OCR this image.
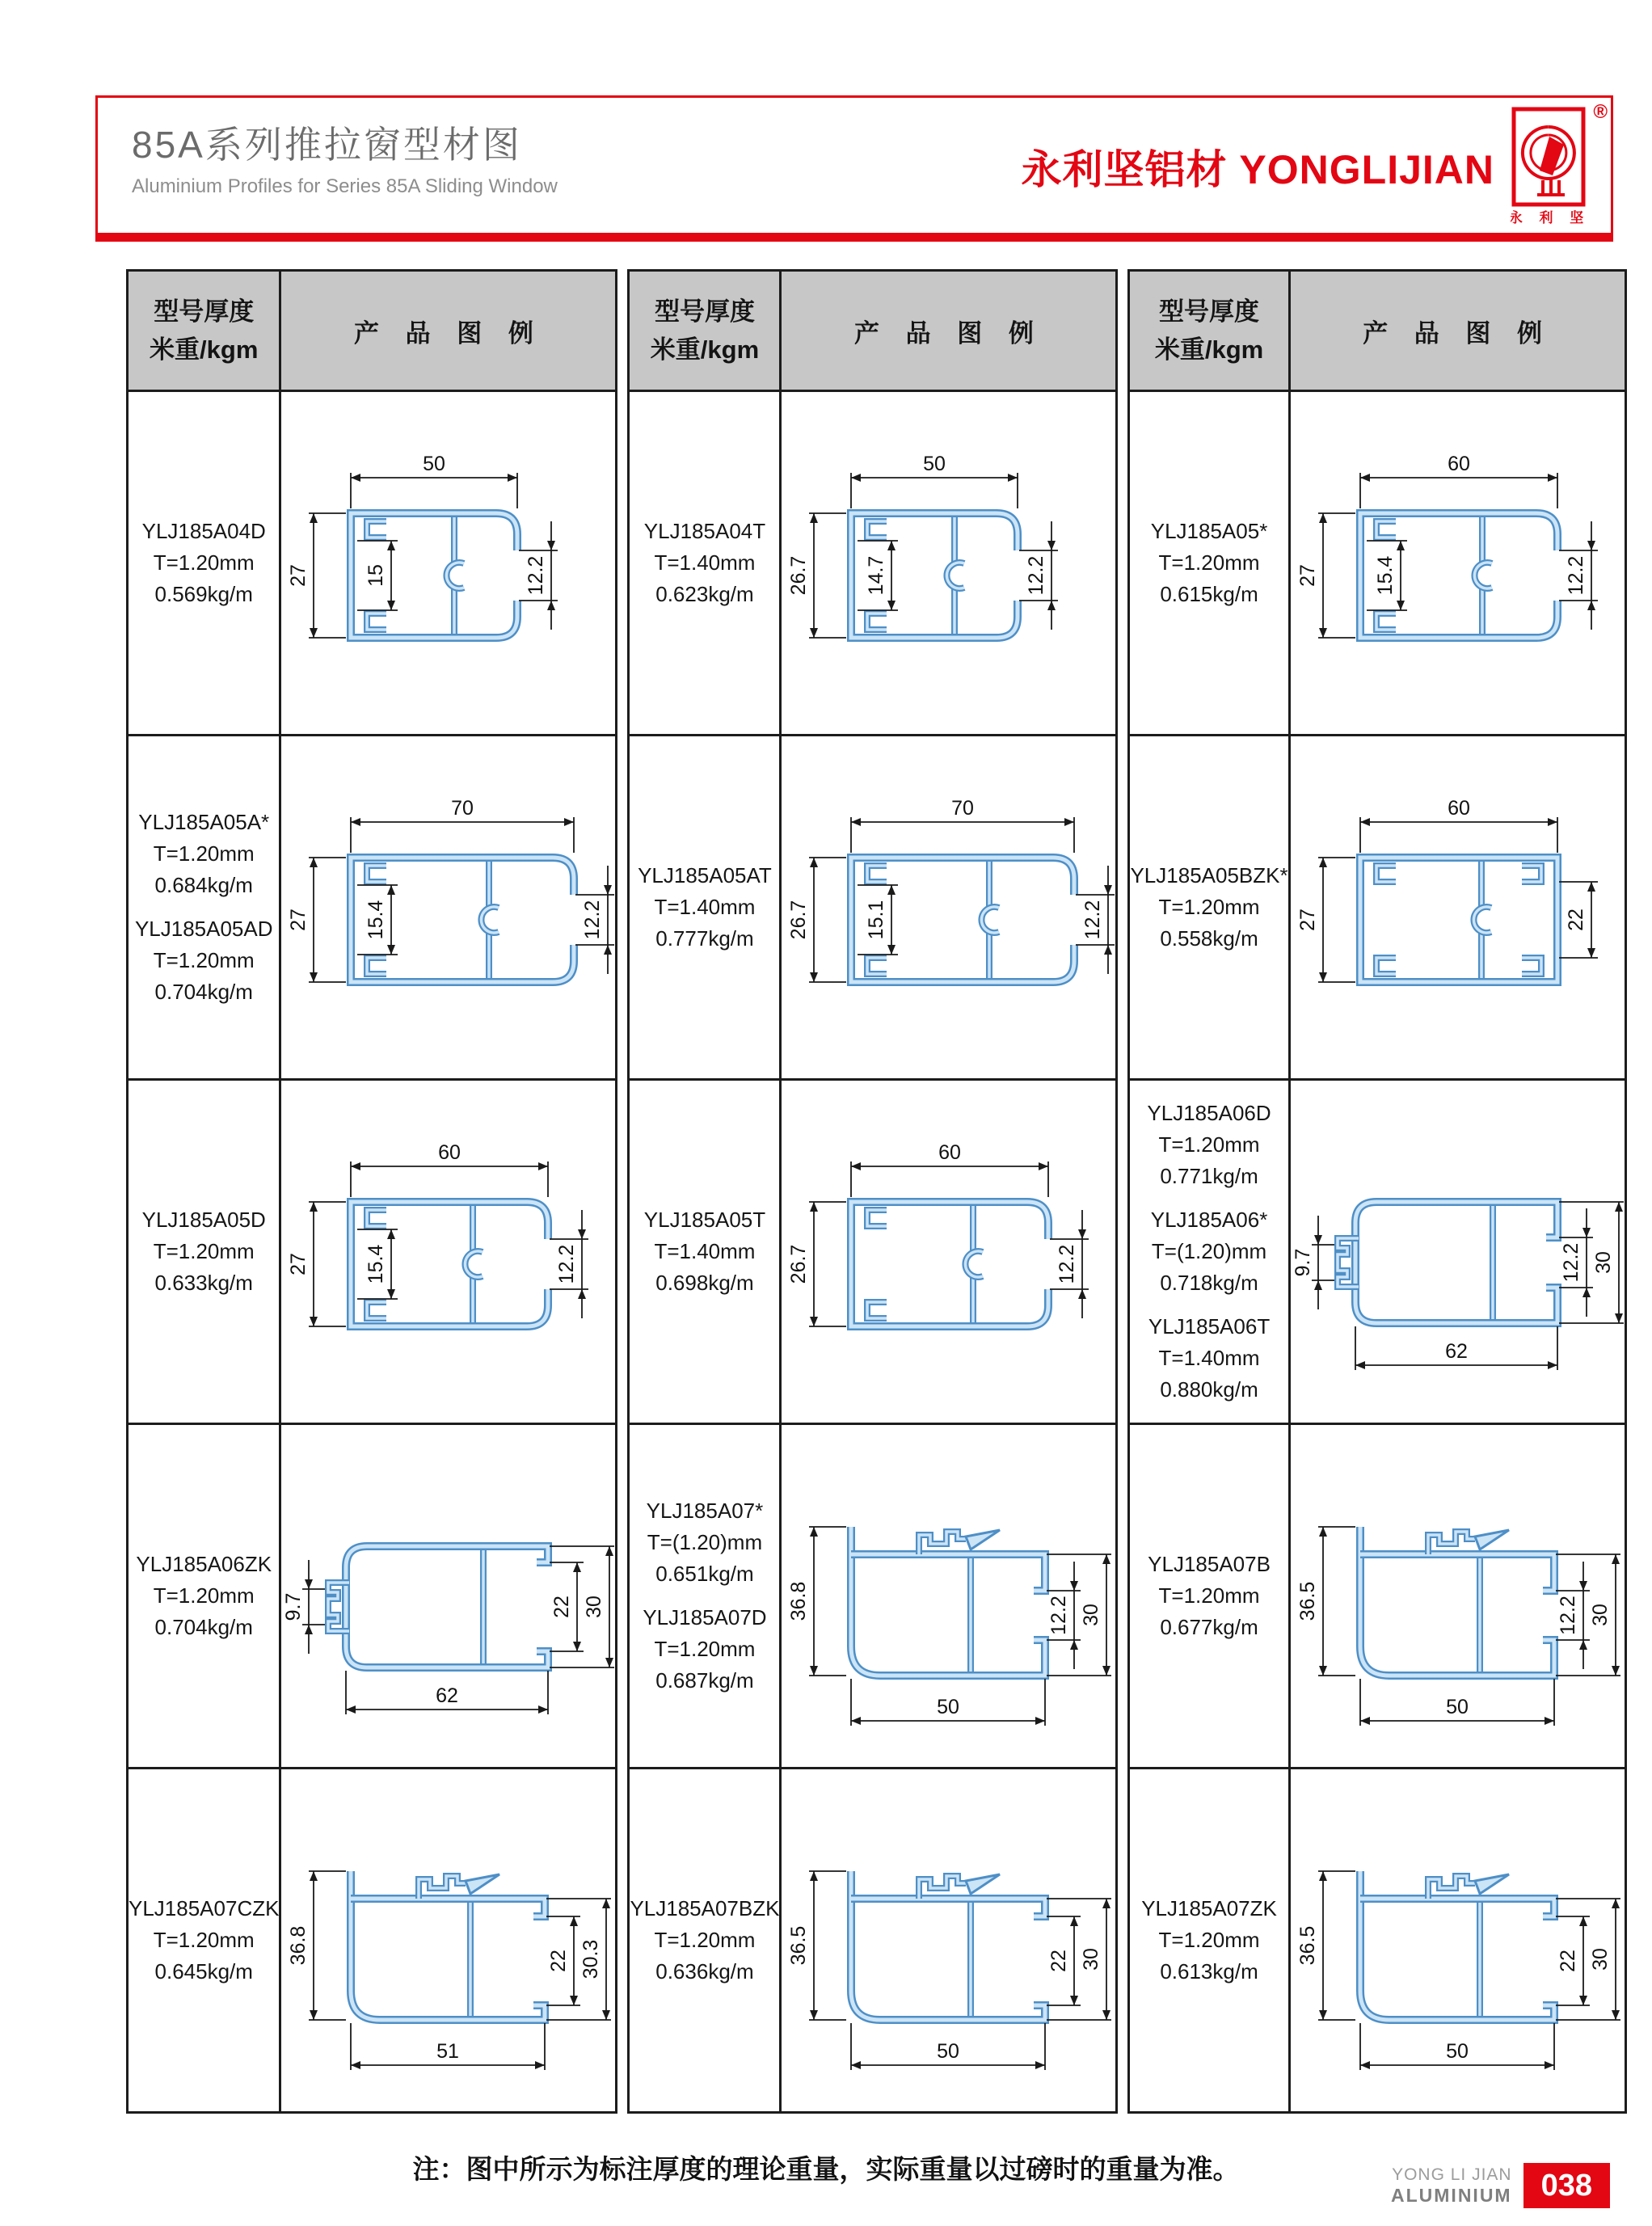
85A系列推拉窗型材图
Aluminium Profiles for Series 85A Sliding Window	永利坚铝材 YONGLIJIAN
永 利 坚
®
型号厚度
米重/kgm	产 品 图 例

YLJ185A04D
T=1.20mm
0.569kg/m

50
27	15	12.2

YLJ185A05A*
T=1.20mm
0.684kg/m
YLJ185A05AD
T=1.20mm
0.704kg/m

70
27	15.4	12.2

YLJ185A05D
T=1.20mm
0.633kg/m

60
27	15.4	12.2

YLJ185A06ZK
T=1.20mm
0.704kg/m

9.7	22 30
62

YLJ185A07CZK
T=1.20mm
0.645kg/m

36.8	22 30.3
51
型号厚度
米重/kgm	产 品 图 例

YLJ185A04T
T=1.40mm
0.623kg/m

50
26.7	14.7	12.2

YLJ185A05AT
T=1.40mm
0.777kg/m

70
26.7	15.1	12.2

YLJ185A05T
T=1.40mm
0.698kg/m

60
26.7	12.2

YLJ185A07*
T=(1.20)mm
0.651kg/m
YLJ185A07D
T=1.20mm
0.687kg/m

36.8	12.2 30
50

YLJ185A07BZK
T=1.20mm
0.636kg/m

36.5	22 30
50
型号厚度
米重/kgm	产 品 图 例

YLJ185A05*
T=1.20mm
0.615kg/m

60
27	15.4	12.2

YLJ185A05BZK*
T=1.20mm
0.558kg/m

60
27	22

YLJ185A06D
T=1.20mm
0.771kg/m
YLJ185A06*
T=(1.20)mm
0.718kg/m
YLJ185A06T
T=1.40mm
0.880kg/m

9.7	12.2 30
62

YLJ185A07B
T=1.20mm
0.677kg/m

36.5	12.2 30
50

YLJ185A07ZK
T=1.20mm
0.613kg/m

36.5	22 30
50
注：图中所示为标注厚度的理论重量，实际重量以过磅时的重量为准。	YONG LI JIAN
ALUMINIUM 038
